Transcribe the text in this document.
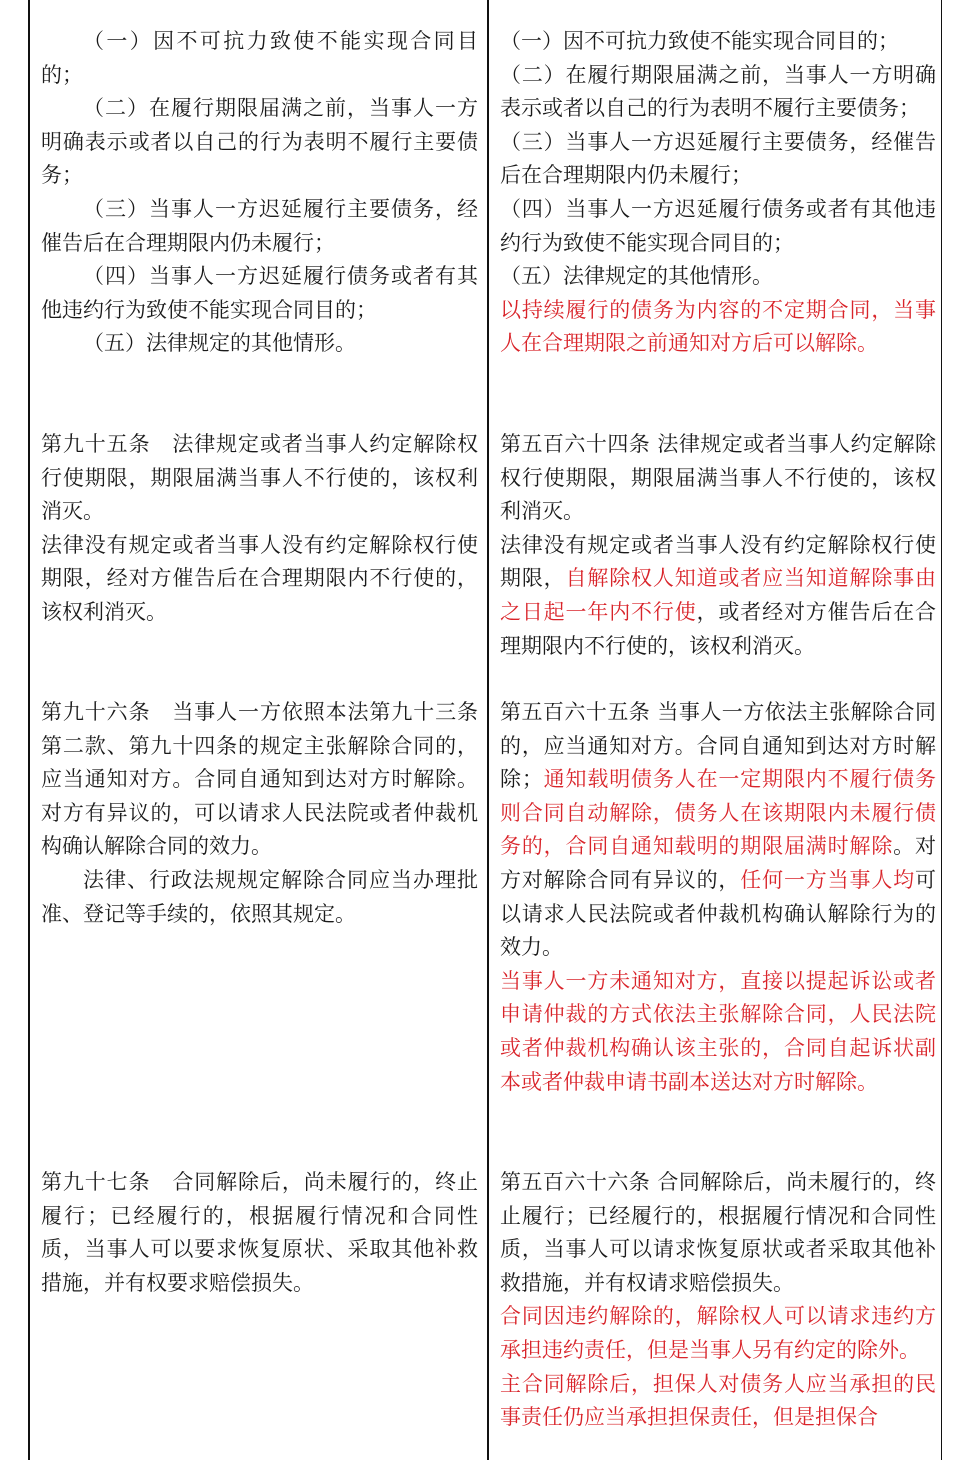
（一）因不可抗力致使不能实现合同目的；

（二）在履行期限届满之前，当事人一方明确表示或者以自己的行为表明不履行主要债务；

（三）当事人一方迟延履行主要债务，经催告后在合理期限内仍未履行；

（四）当事人一方迟延履行债务或者有其他违约行为致使不能实现合同目的；

（五）法律规定的其他情形。

第九十五条　法律规定或者当事人约定解除权行使期限，期限届满当事人不行使的，该权利消灭。

法律没有规定或者当事人没有约定解除权行使期限，经对方催告后在合理期限内不行使的，该权利消灭。

第九十六条　当事人一方依照本法第九十三条第二款、第九十四条的规定主张解除合同的，应当通知对方。合同自通知到达对方时解除。对方有异议的，可以请求人民法院或者仲裁机构确认解除合同的效力。

法律、行政法规规定解除合同应当办理批准、登记等手续的，依照其规定。

第九十七条　合同解除后，尚未履行的，终止履行；已经履行的，根据履行情况和合同性质，当事人可以要求恢复原状、采取其他补救措施，并有权要求赔偿损失。

（一）因不可抗力致使不能实现合同目的；

（二）在履行期限届满之前，当事人一方明确表示或者以自己的行为表明不履行主要债务；

（三）当事人一方迟延履行主要债务，经催告后在合理期限内仍未履行；

（四）当事人一方迟延履行债务或者有其他违约行为致使不能实现合同目的；

（五）法律规定的其他情形。

以持续履行的债务为内容的不定期合同，当事人在合理期限之前通知对方后可以解除。

第五百六十四条 法律规定或者当事人约定解除权行使期限，期限届满当事人不行使的，该权利消灭。

法律没有规定或者当事人没有约定解除权行使期限，自解除权人知道或者应当知道解除事由之日起一年内不行使，或者经对方催告后在合理期限内不行使的，该权利消灭。

第五百六十五条 当事人一方依法主张解除合同的，应当通知对方。合同自通知到达对方时解除；通知载明债务人在一定期限内不履行债务则合同自动解除，债务人在该期限内未履行债务的，合同自通知载明的期限届满时解除。对方对解除合同有异议的，任何一方当事人均可以请求人民法院或者仲裁机构确认解除行为的效力。

当事人一方未通知对方，直接以提起诉讼或者申请仲裁的方式依法主张解除合同，人民法院或者仲裁机构确认该主张的，合同自起诉状副本或者仲裁申请书副本送达对方时解除。

第五百六十六条 合同解除后，尚未履行的，终止履行；已经履行的，根据履行情况和合同性质，当事人可以请求恢复原状或者采取其他补救措施，并有权请求赔偿损失。

合同因违约解除的，解除权人可以请求违约方承担违约责任，但是当事人另有约定的除外。

主合同解除后，担保人对债务人应当承担的民事责任仍应当承担担保责任，但是担保合
